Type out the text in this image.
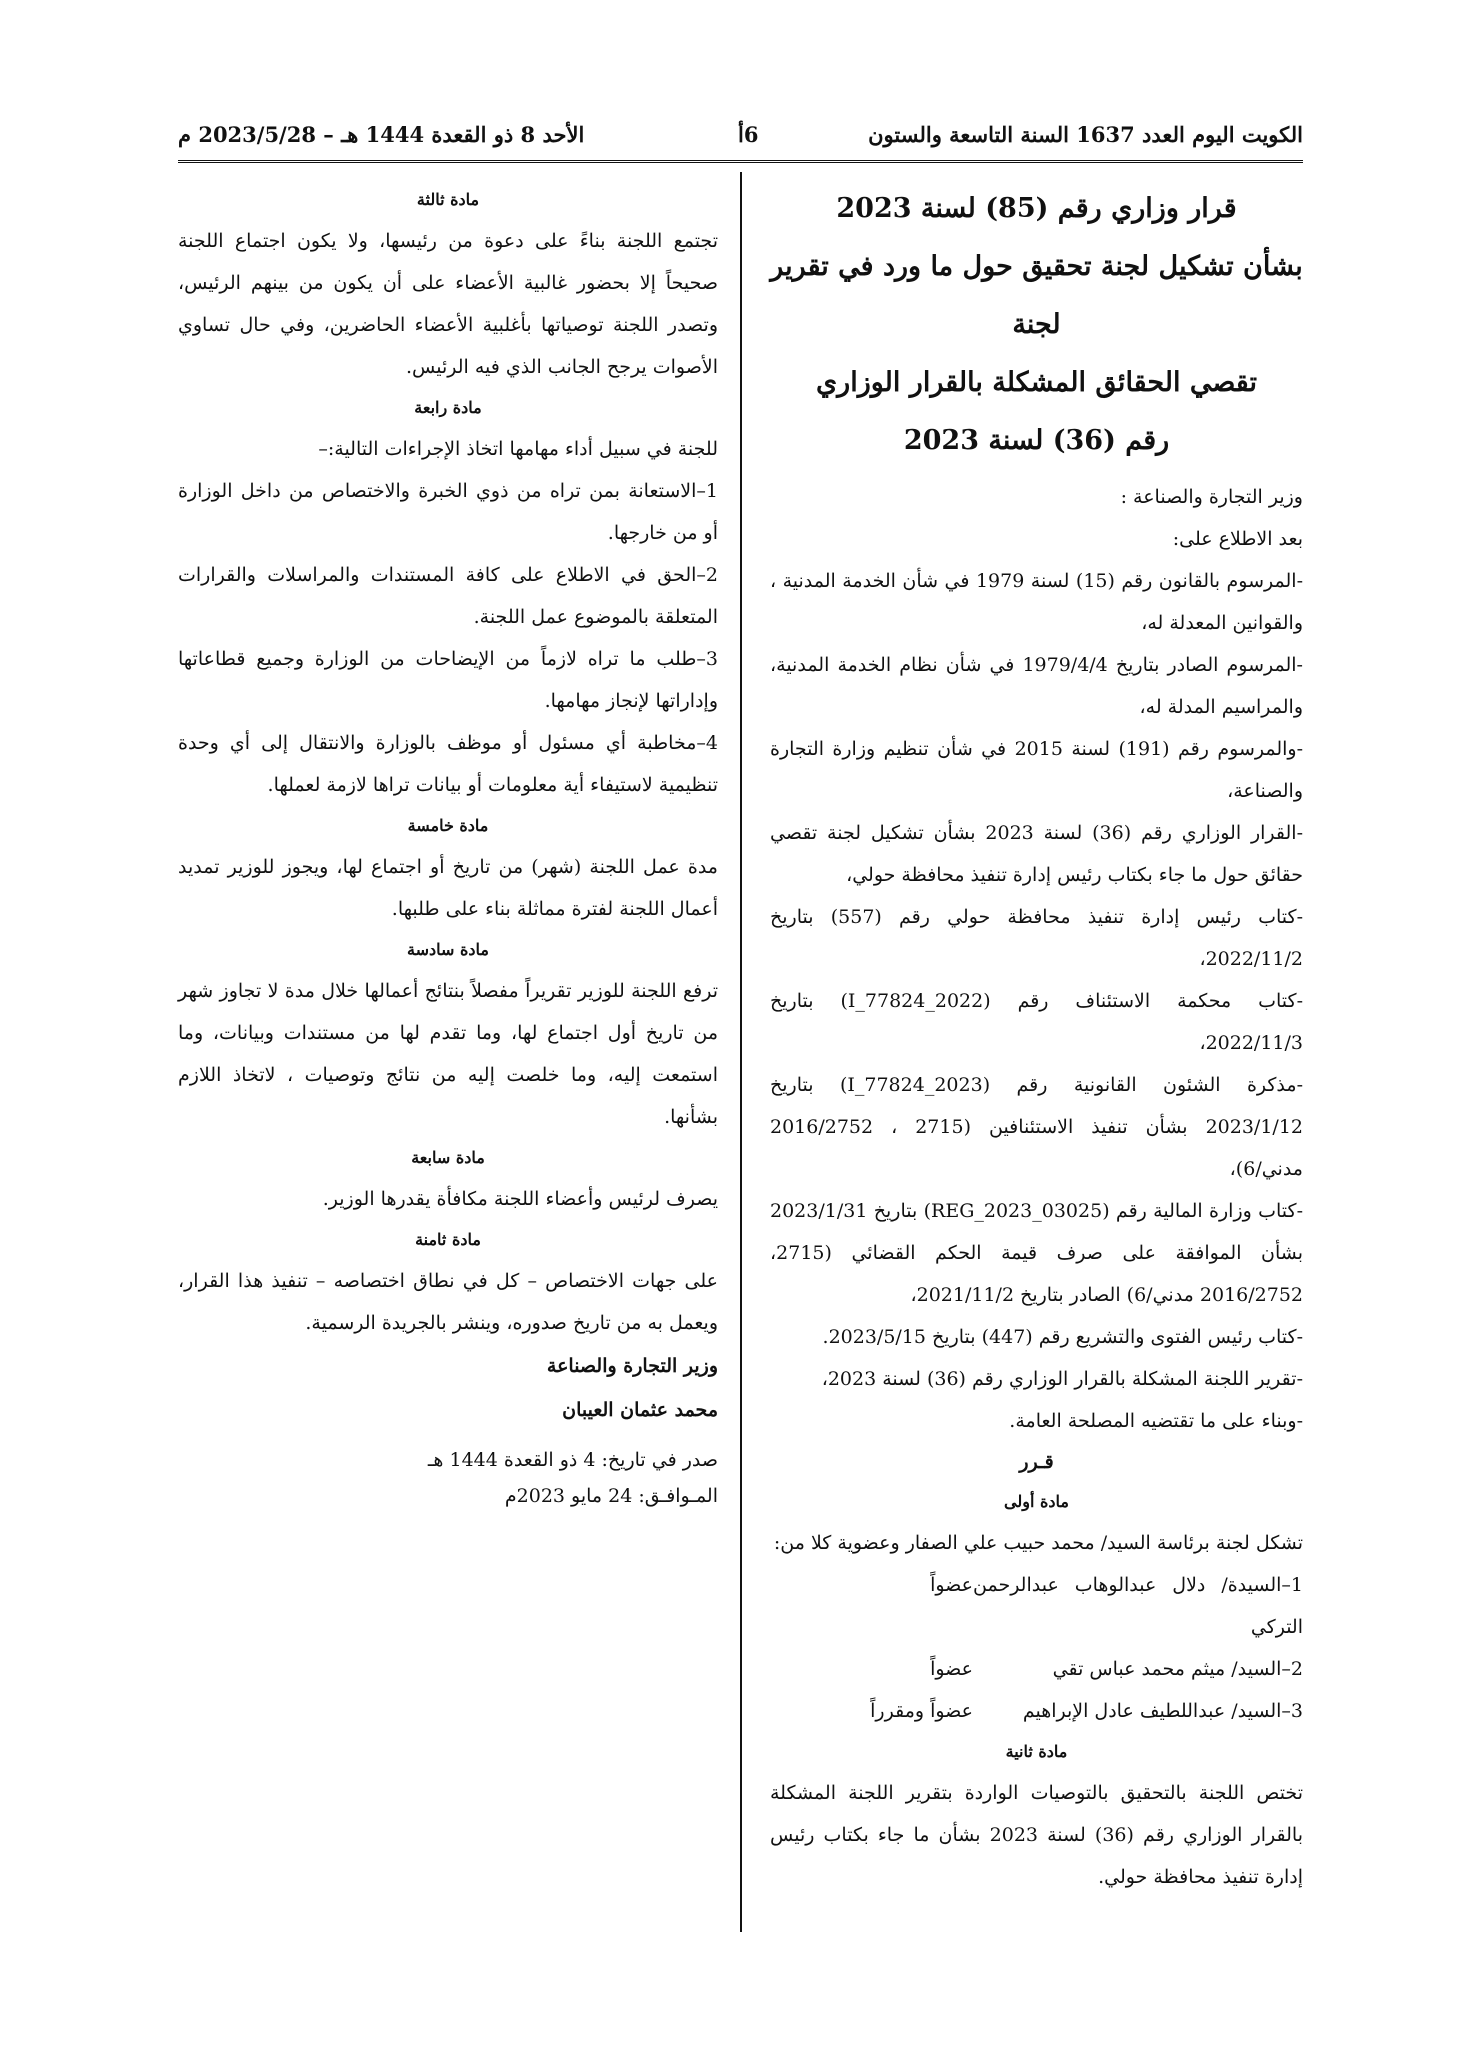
الكويت اليوم العدد 1637 السنة التاسعة والستون
6أ
الأحد 8 ذو القعدة 1444 هـ – 2023/5/28 م
قرار وزاري رقم (85) لسنة 2023
بشأن تشكيل لجنة تحقيق حول ما ورد في تقرير لجنة
تقصي الحقائق المشكلة بالقرار الوزاري
رقم (36) لسنة 2023
وزير التجارة والصناعة :
بعد الاطلاع على:
-المرسوم بالقانون رقم (15) لسنة 1979 في شأن الخدمة المدنية ، والقوانين المعدلة له،
-المرسوم الصادر بتاريخ 1979/4/4 في شأن نظام الخدمة المدنية، والمراسيم المدلة له،
-والمرسوم رقم (191) لسنة 2015 في شأن تنظيم وزارة التجارة والصناعة،
-القرار الوزاري رقم (36) لسنة 2023 بشأن تشكيل لجنة تقصي حقائق حول ما جاء بكتاب رئيس إدارة تنفيذ محافظة حولي،
-كتاب رئيس إدارة تنفيذ محافظة حولي رقم (557) بتاريخ 2022/11/2،
-كتاب محكمة الاستئناف رقم (I_77824_2022) بتاريخ 2022/11/3،
-مذكرة الشئون القانونية رقم (I_77824_2023) بتاريخ 2023/1/12 بشأن تنفيذ الاستئنافين (2715 ، 2016/2752 مدني/6)،
-كتاب وزارة المالية رقم (REG_2023_03025) بتاريخ 2023/1/31 بشأن الموافقة على صرف قيمة الحكم القضائي (2715، 2016/2752 مدني/6) الصادر بتاريخ 2021/11/2،
-كتاب رئيس الفتوى والتشريع رقم (447) بتاريخ 2023/5/15.
-تقرير اللجنة المشكلة بالقرار الوزاري رقم (36) لسنة 2023،
-وبناء على ما تقتضيه المصلحة العامة.
قـرر
مادة أولى
تشكل لجنة برئاسة السيد/ محمد حبيب علي الصفار وعضوية كلا من:
1–السيدة/ دلال عبدالوهاب عبدالرحمن التركي
عضواً
2–السيد/ ميثم محمد عباس تقي
عضواً
3–السيد/ عبداللطيف عادل الإبراهيم
عضواً ومقرراً
مادة ثانية
تختص اللجنة بالتحقيق بالتوصيات الواردة بتقرير اللجنة المشكلة بالقرار الوزاري رقم (36) لسنة 2023 بشأن ما جاء بكتاب رئيس إدارة تنفيذ محافظة حولي.
مادة ثالثة
تجتمع اللجنة بناءً على دعوة من رئيسها، ولا يكون اجتماع اللجنة صحيحاً إلا بحضور غالبية الأعضاء على أن يكون من بينهم الرئيس، وتصدر اللجنة توصياتها بأغلبية الأعضاء الحاضرين، وفي حال تساوي الأصوات يرجح الجانب الذي فيه الرئيس.
مادة رابعة
للجنة في سبيل أداء مهامها اتخاذ الإجراءات التالية:–
1–الاستعانة بمن تراه من ذوي الخبرة والاختصاص من داخل الوزارة أو من خارجها.
2–الحق في الاطلاع على كافة المستندات والمراسلات والقرارات المتعلقة بالموضوع عمل اللجنة.
3–طلب ما تراه لازماً من الإيضاحات من الوزارة وجميع قطاعاتها وإداراتها لإنجاز مهامها.
4–مخاطبة أي مسئول أو موظف بالوزارة والانتقال إلى أي وحدة تنظيمية لاستيفاء أية معلومات أو بيانات تراها لازمة لعملها.
مادة خامسة
مدة عمل اللجنة (شهر) من تاريخ أو اجتماع لها، ويجوز للوزير تمديد أعمال اللجنة لفترة مماثلة بناء على طلبها.
مادة سادسة
ترفع اللجنة للوزير تقريراً مفصلاً بنتائج أعمالها خلال مدة لا تجاوز شهر من تاريخ أول اجتماع لها، وما تقدم لها من مستندات وبيانات، وما استمعت إليه، وما خلصت إليه من نتائج وتوصيات ، لاتخاذ اللازم بشأنها.
مادة سابعة
يصرف لرئيس وأعضاء اللجنة مكافأة يقدرها الوزير.
مادة ثامنة
على جهات الاختصاص – كل في نطاق اختصاصه – تنفيذ هذا القرار، ويعمل به من تاريخ صدوره، وينشر بالجريدة الرسمية.
وزير التجارة والصناعة
محمد عثمان العيبان
صدر في تاريخ: 4 ذو القعدة 1444 هـ
المـوافـق: 24 مايو 2023م
